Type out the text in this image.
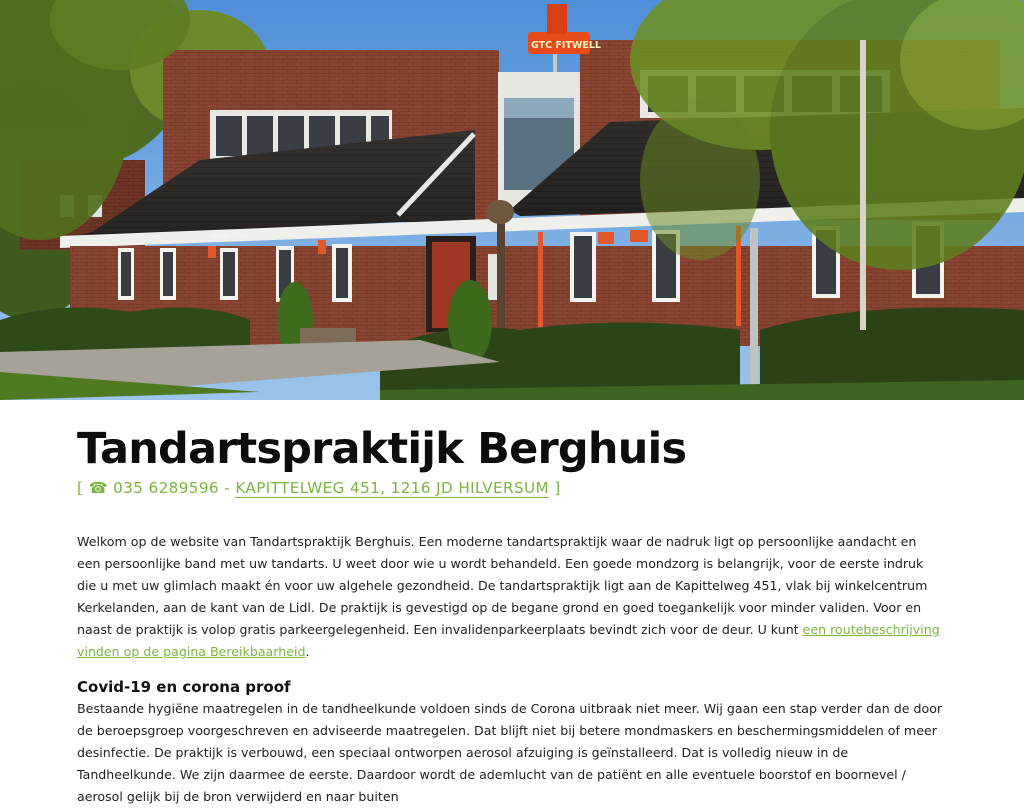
www.fitwell.nl
GTC FITWELL
Tandartspraktijk Berghuis
[ ☎ 035 6289596 - KAPITTELWEG 451, 1216 JD HILVERSUM ]

Welkom op de website van Tandartspraktijk Berghuis. Een moderne tandartspraktijk waar de nadruk ligt op persoonlijke aandacht en een persoonlijke band met uw tandarts. U weet door wie u wordt behandeld. Een goede mondzorg is belangrijk, voor de eerste indruk die u met uw glimlach maakt én voor uw algehele gezondheid. De tandartspraktijk ligt aan de Kapittelweg 451, vlak bij winkelcentrum Kerkelanden, aan de kant van de Lidl. De praktijk is gevestigd op de begane grond en goed toegankelijk voor minder validen. Voor en naast de praktijk is volop gratis parkeergelegenheid. Een invalidenparkeerplaats bevindt zich voor de deur. U kunt een routebeschrijving vinden op de pagina Bereikbaarheid.

Covid-19 en corona proof

Bestaande hygiëne maatregelen in de tandheelkunde voldoen sinds de Corona uitbraak niet meer. Wij gaan een stap verder dan de door de beroepsgroep voorgeschreven en adviseerde maatregelen. Dat blijft niet bij betere mondmaskers en beschermingsmiddelen of meer desinfectie. De praktijk is verbouwd, een speciaal ontworpen aerosol afzuiging is geïnstalleerd. Dat is volledig nieuw in de Tandheelkunde. We zijn daarmee de eerste. Daardoor wordt de ademlucht van de patiënt en alle eventuele boorstof en boornevel / aerosol gelijk bij de bron verwijderd en naar buiten
